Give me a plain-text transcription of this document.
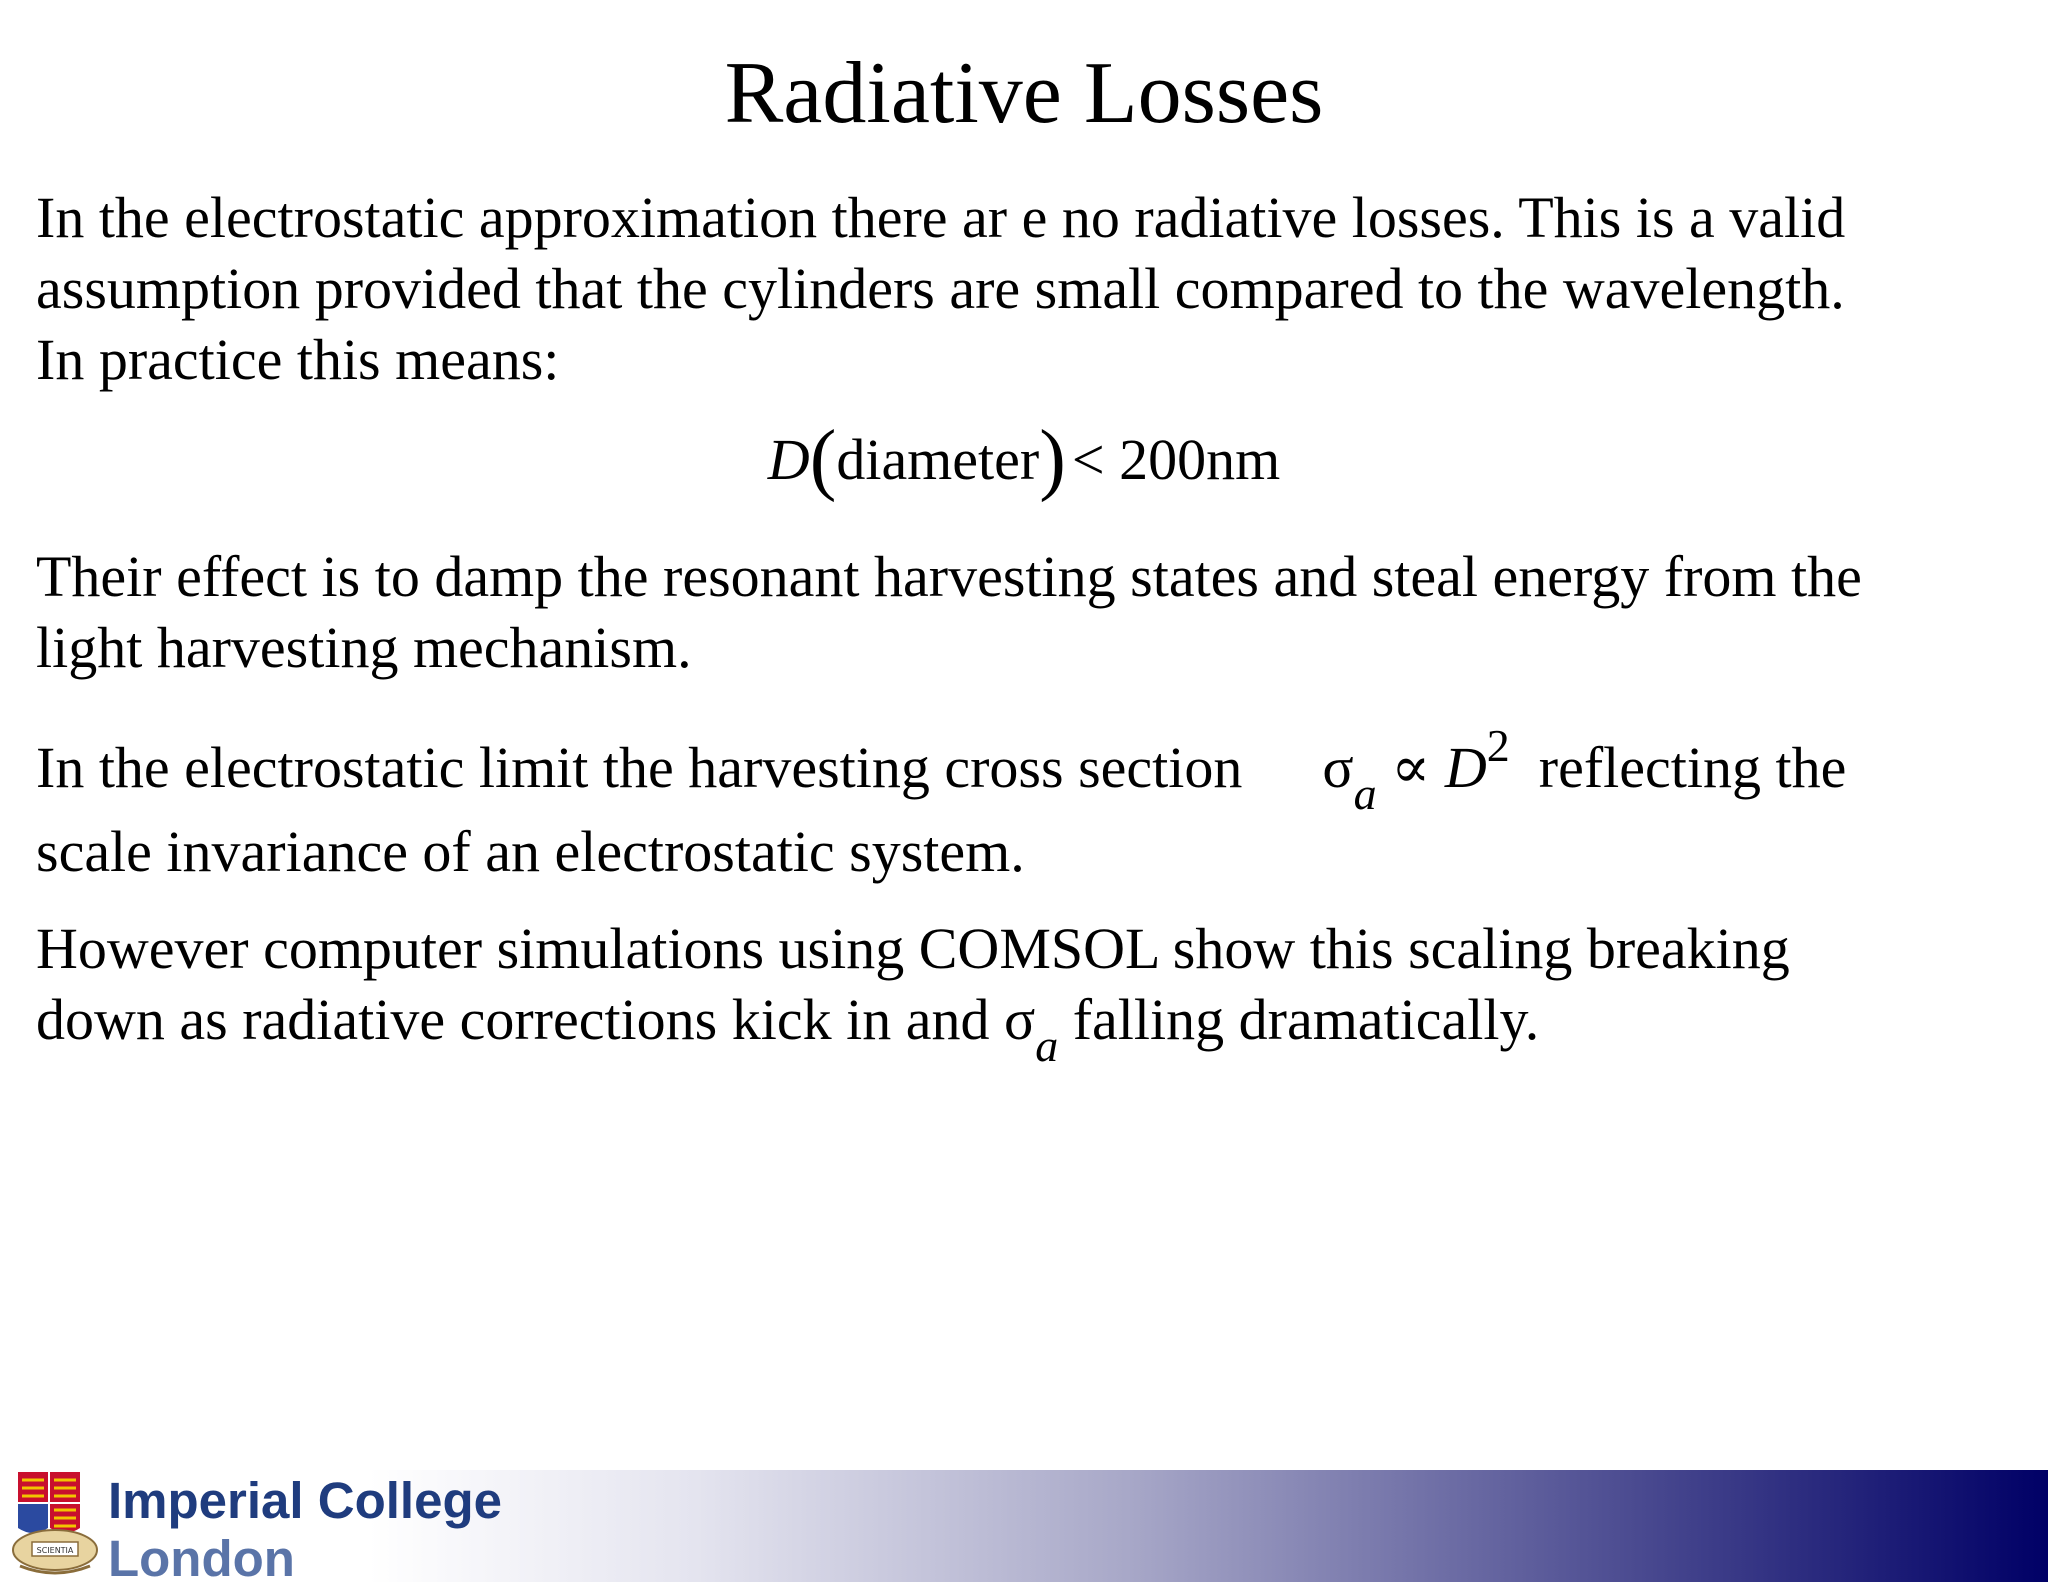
Radiative Losses

In the electrostatic approximation there ar e no radiative losses. This is a valid
assumption provided that the cylinders are small compared to the wavelength.
In practice this means:

D(diameter) < 200nm

Their effect is to damp the resonant harvesting states and steal energy from the
light harvesting mechanism.

In the electrostatic limit the harvesting cross section $\sigma_a \propto D^2$ reflecting the
scale invariance of an electrostatic system.

However computer simulations using COMSOL show this scaling breaking
down as radiative corrections kick in and $\sigma_a$ falling dramatically.

SCIENTIA
Imperial College
London
